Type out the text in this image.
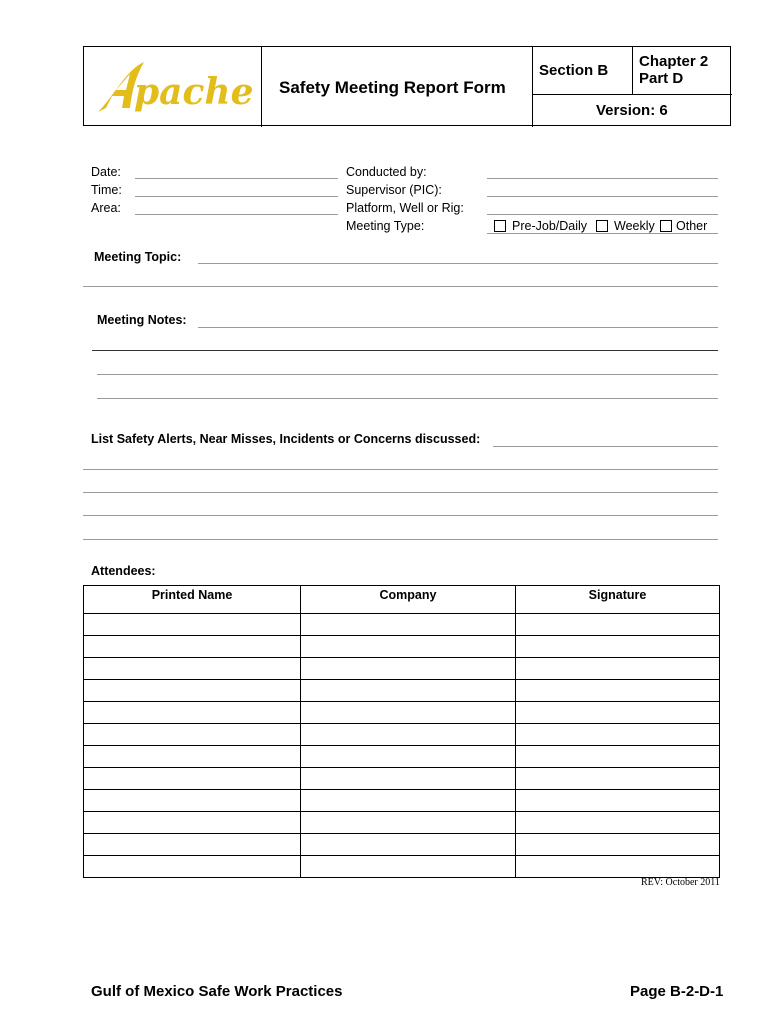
pache Safety Meeting Report Form
Section B
Chapter 2
Part D
Version: 6
Date:
Time:
Area:
Conducted by:
Supervisor (PIC):
Platform, Well or Rig:
Meeting Type:	Pre-Job/Daily Weekly Other
Meeting Topic:
Meeting Notes:
List Safety Alerts, Near Misses, Incidents or Concerns discussed:
Attendees:
Printed Name	Company	Signature

REV: October 2011
Gulf of Mexico Safe Work Practices	Page B-2-D-1
